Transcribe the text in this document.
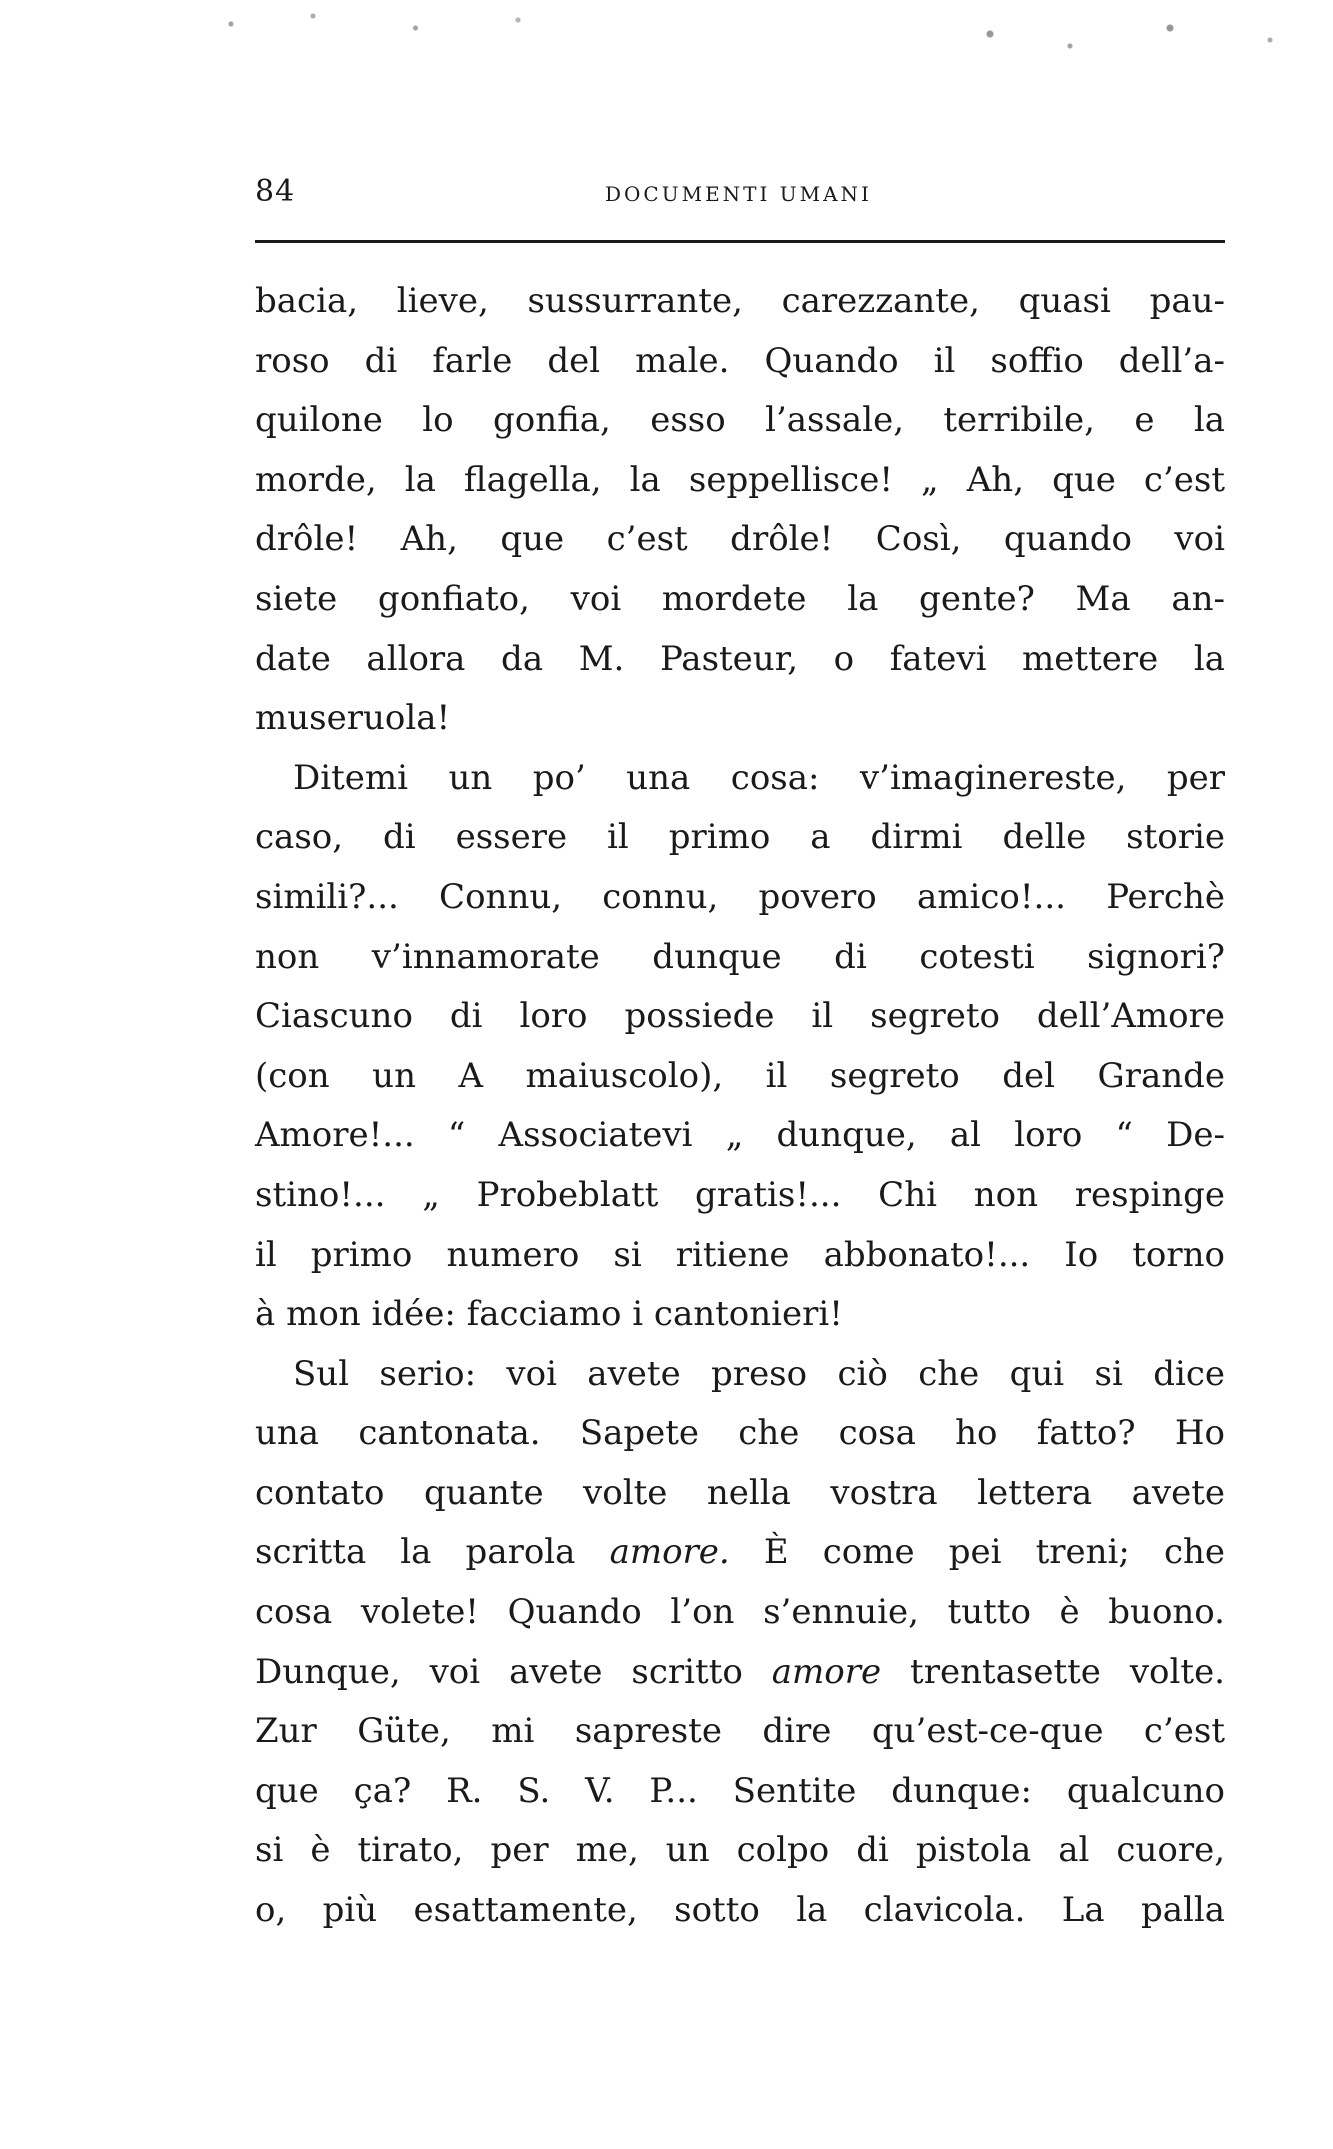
84	DOCUMENTI UMANI
bacia, lieve, sussurrante, carezzante, quasi pau-
roso di farle del male. Quando il soffio dell’a-
quilone lo gonfia, esso l’assale, terribile, e la
morde, la flagella, la seppellisce! „ Ah, que c’est
drôle! Ah, que c’est drôle! Così, quando voi
siete gonfiato, voi mordete la gente? Ma an-
date allora da M. Pasteur, o fatevi mettere la
museruola!
Ditemi un po’ una cosa: v’imaginereste, per
caso, di essere il primo a dirmi delle storie
simili?... Connu, connu, povero amico!... Perchè
non v’innamorate dunque di cotesti signori?
Ciascuno di loro possiede il segreto dell’Amore
(con un A maiuscolo), il segreto del Grande
Amore!... “ Associatevi „ dunque, al loro “ De-
stino!... „ Probeblatt gratis!... Chi non respinge
il primo numero si ritiene abbonato!... Io torno
à mon idée: facciamo i cantonieri!
Sul serio: voi avete preso ciò che qui si dice
una cantonata. Sapete che cosa ho fatto? Ho
contato quante volte nella vostra lettera avete
scritta la parola amore. È come pei treni; che
cosa volete! Quando l’on s’ennuie, tutto è buono.
Dunque, voi avete scritto amore trentasette volte.
Zur Güte, mi sapreste dire qu’est-ce-que c’est
que ça? R. S. V. P... Sentite dunque: qualcuno
si è tirato, per me, un colpo di pistola al cuore,
o, più esattamente, sotto la clavicola. La palla
